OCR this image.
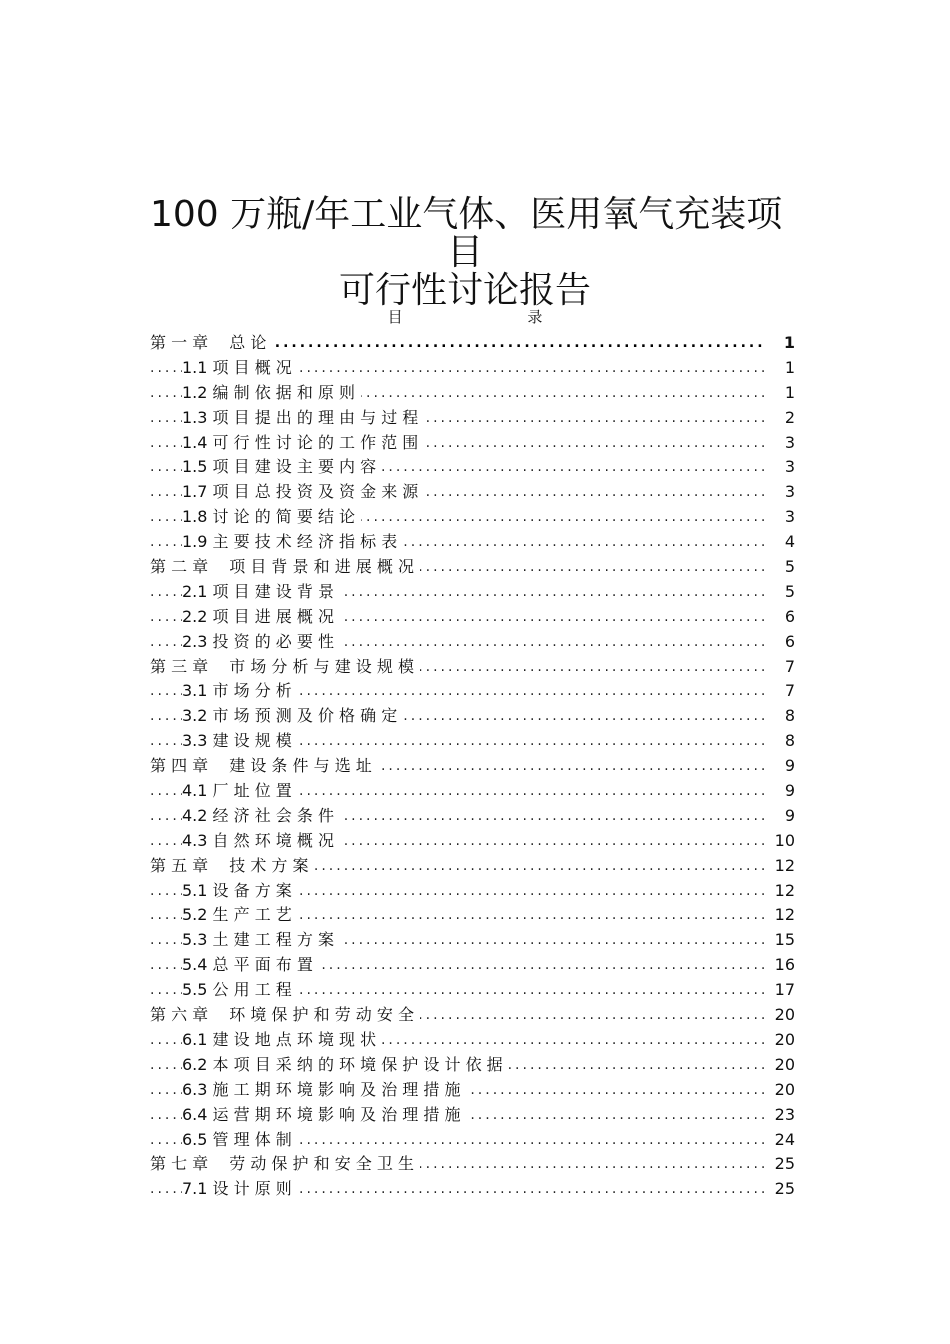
100 万瓶/年工业气体、医用氧气充装项
目
可行性讨论报告
目 录
.....
第 一 章　 总 论	1
.....
1.1 项 目 概 况	1
.....
1.2 编 制 依 据 和 原 则	1
.....
1.3 项 目 提 出 的 理 由 与 过 程	2
.....
1.4 可 行 性 讨 论 的 工 作 范 围	3
.....
1.5 项 目 建 设 主 要 内 容	3
.....
1.7 项 目 总 投 资 及 资 金 来 源	3
.....
1.8 讨 论 的 简 要 结 论	3
.....
1.9 主 要 技 术 经 济 指 标 表	4
.....
第 二 章　 项 目 背 景 和 进 展 概 况	5
.....
2.1 项 目 建 设 背 景	5
.....
2.2 项 目 进 展 概 况	6
.....
2.3 投 资 的 必 要 性	6
.....
第 三 章　 市 场 分 析 与 建 设 规 模	7
.....
3.1 市 场 分 析	7
.....
3.2 市 场 预 测 及 价 格 确 定	8
.....
3.3 建 设 规 模	8
.....
第 四 章　 建 设 条 件 与 选 址	9
.....
4.1 厂 址 位 置	9
.....
4.2 经 济 社 会 条 件	9
.....
4.3 自 然 环 境 概 况	10
.....
第 五 章　 技 术 方 案	12
.....
5.1 设 备 方 案	12
.....
5.2 生 产 工 艺	12
.....
5.3 土 建 工 程 方 案	15
.....
5.4 总 平 面 布 置	16
.....
5.5 公 用 工 程	17
.....
第 六 章　 环 境 保 护 和 劳 动 安 全	20
.....
6.1 建 设 地 点 环 境 现 状	20
.....
6.2 本 项 目 采 纳 的 环 境 保 护 设 计 依 据	20
.....
6.3 施 工 期 环 境 影 响 及 治 理 措 施	20
.....
6.4 运 营 期 环 境 影 响 及 治 理 措 施	23
.....
6.5 管 理 体 制	24
.....
第 七 章　 劳 动 保 护 和 安 全 卫 生	25
.....
7.1 设 计 原 则	25
